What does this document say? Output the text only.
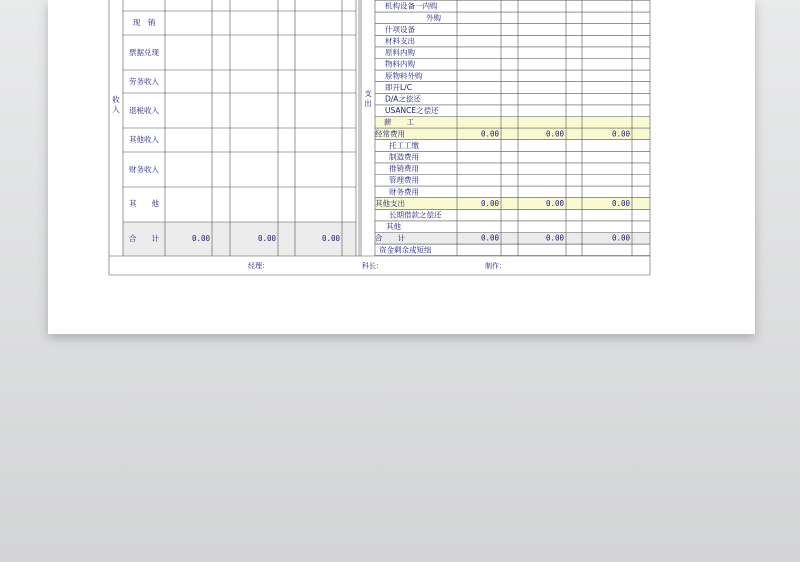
收
入
现　销
票据兑现
劳务收入
退税收入
其他收入
财务收入
其　　他
合　　计	0.00	0.00	0.00
支
出
机构设备一内购
外购
什项设备
材料支出
原料内购
物料内购
原物料外购
即开L/C
D/A之偿还
USANCE之偿还
薪　　工
经常费用	0.00	0.00	0.00
托工工缴
制造费用
推销费用
管理费用
财务费用
其他支出	0.00	0.00	0.00
长期借款之偿还
其他
合　　计	0.00	0.00	0.00
资金剩余或短绌
经理：	科长：	制作：
